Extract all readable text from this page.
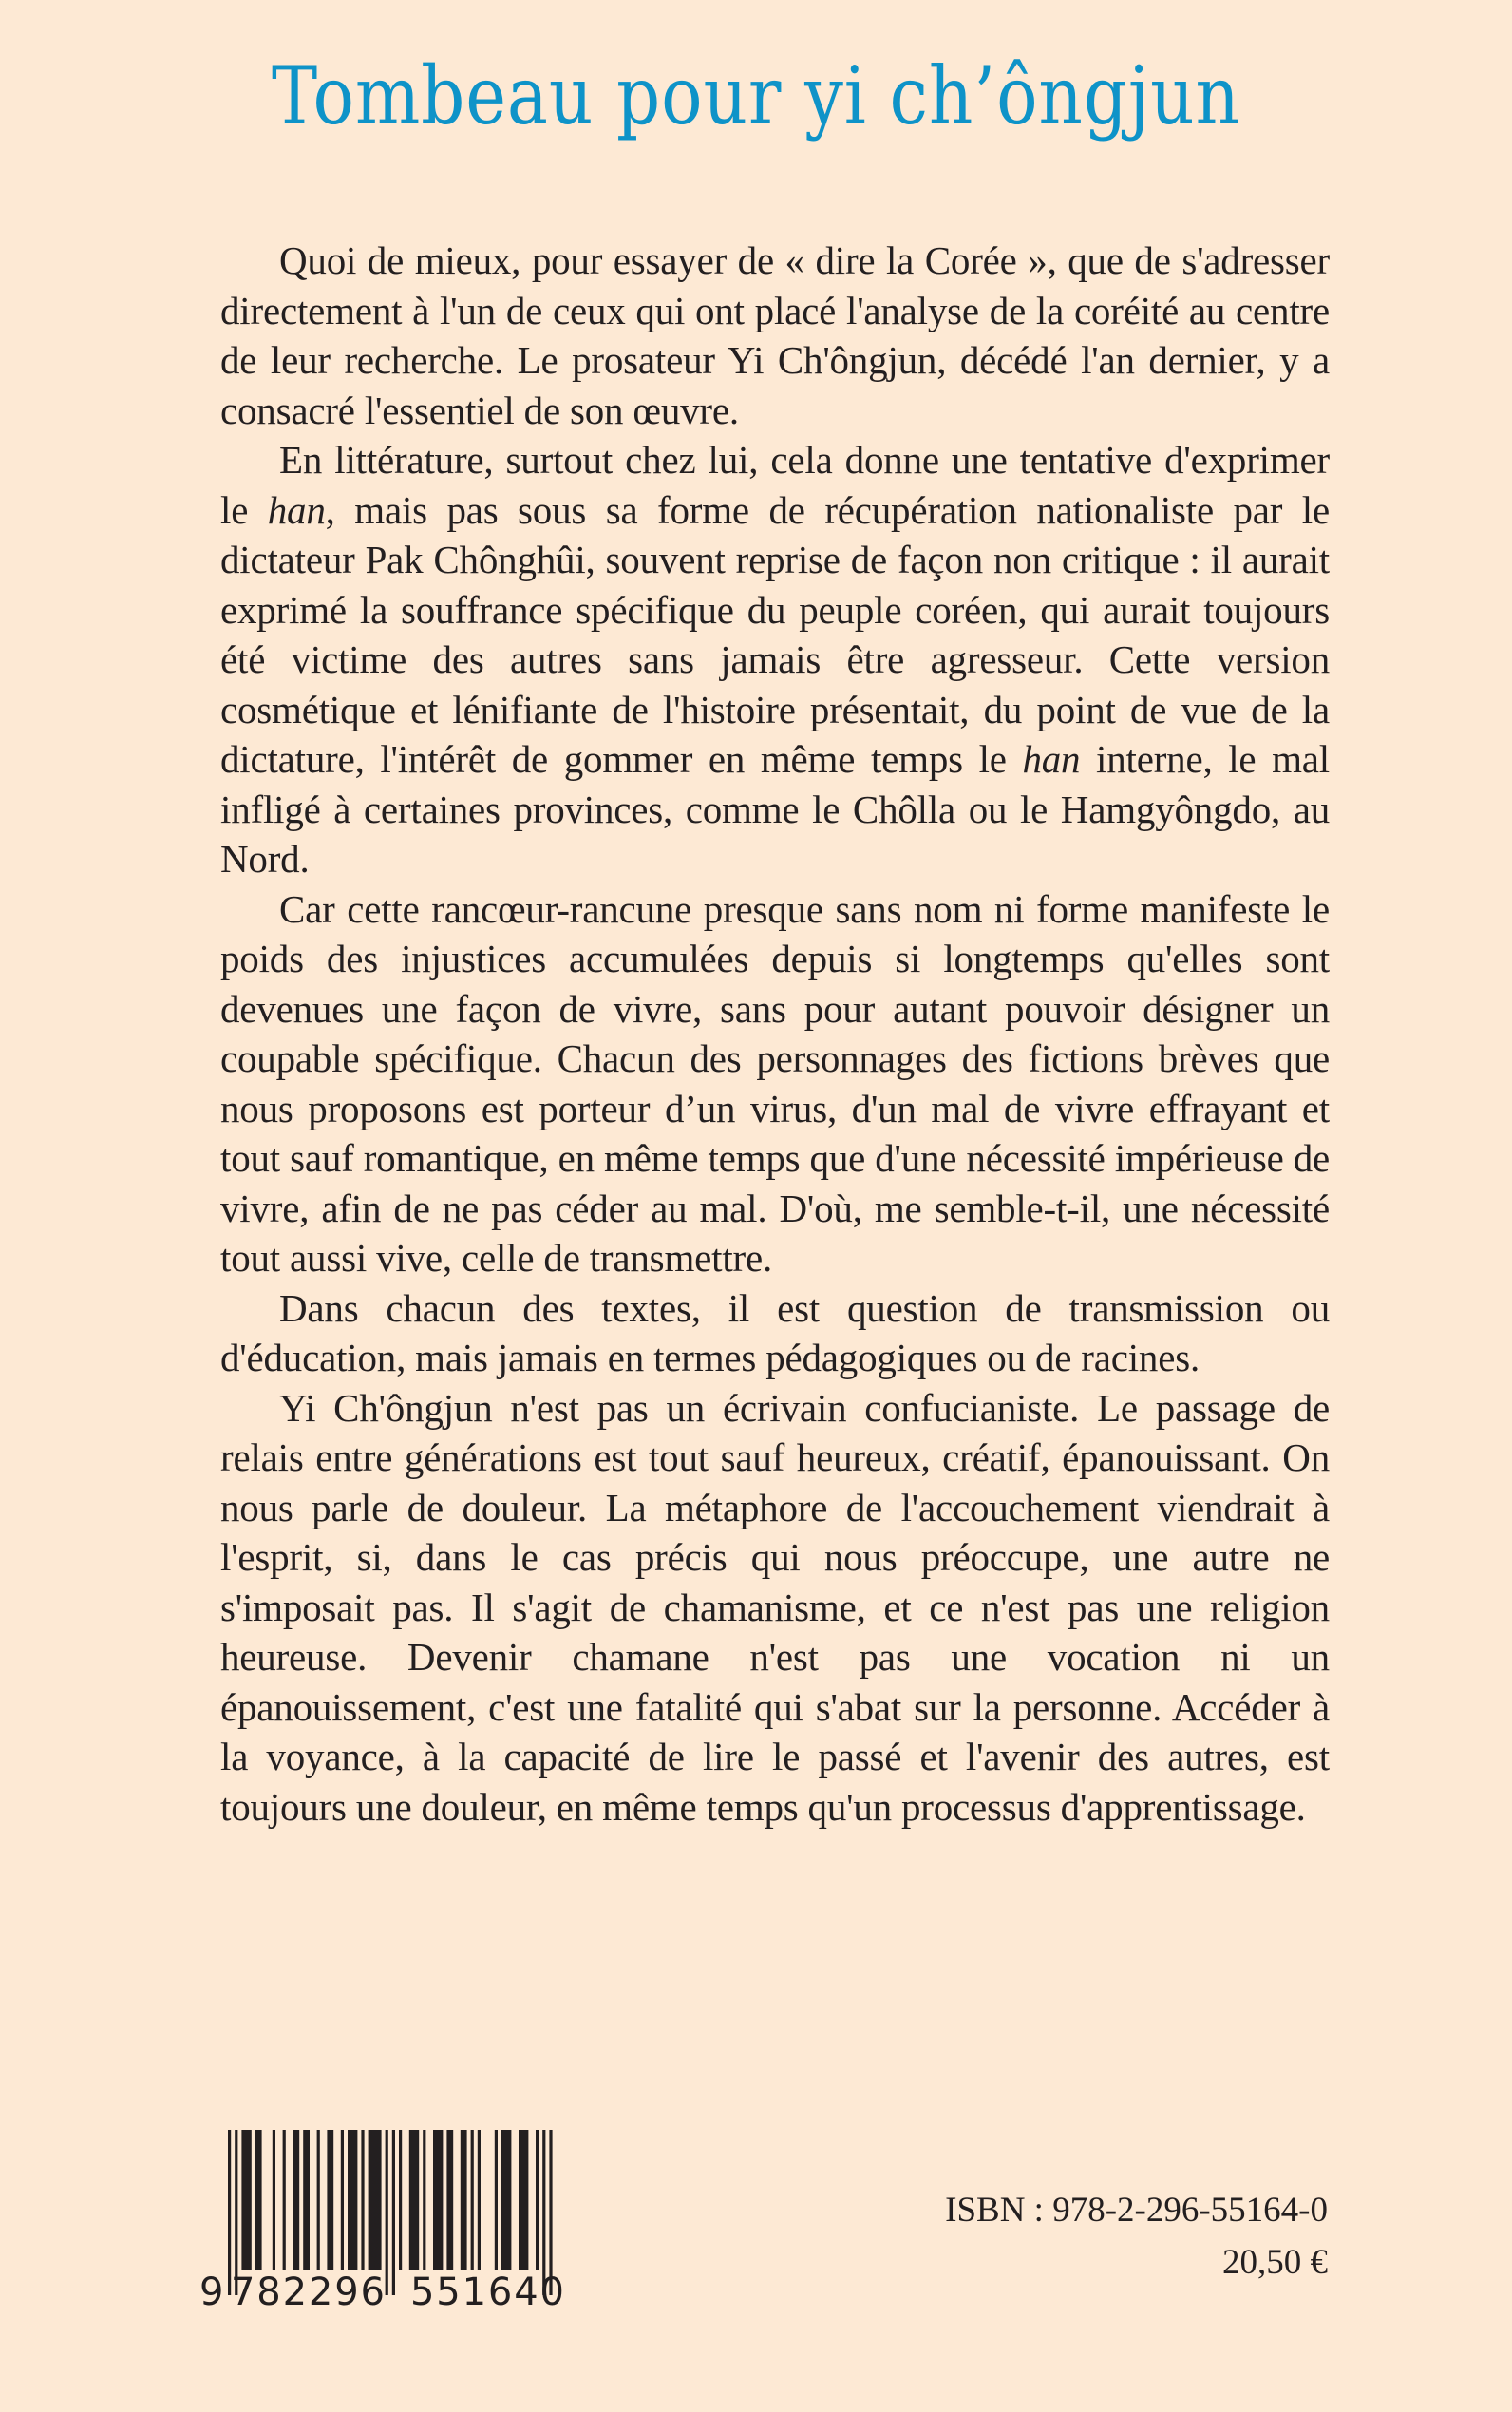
Tombeau pour yi ch’ôngjun

Quoi de mieux, pour essayer de « dire la Corée », que de s'adresser directement à l'un de ceux qui ont placé l'analyse de la coréité au centre de leur recherche. Le prosateur Yi Ch'ôngjun, décédé l'an dernier, y a consacré l'essentiel de son œuvre.

En littérature, surtout chez lui, cela donne une tentative d'exprimer le han, mais pas sous sa forme de récupération nationaliste par le dictateur Pak Chônghûi, souvent reprise de façon non critique : il aurait exprimé la souffrance spécifique du peuple coréen, qui aurait toujours été victime des autres sans jamais être agresseur. Cette version cosmétique et lénifiante de l'histoire présentait, du point de vue de la dictature, l'intérêt de gommer en même temps le han interne, le mal infligé à certaines provinces, comme le Chôlla ou le Hamgyôngdo, au Nord.

Car cette rancœur-rancune presque sans nom ni forme manifeste le poids des injustices accumulées depuis si longtemps qu'elles sont devenues une façon de vivre, sans pour autant pouvoir désigner un coupable spécifique. Chacun des personnages des fictions brèves que nous proposons est porteur d’un virus, d'un mal de vivre effrayant et tout sauf romantique, en même temps que d'une nécessité impérieuse de vivre, afin de ne pas céder au mal. D'où, me semble-t-il, une nécessité tout aussi vive, celle de transmettre.

Dans chacun des textes, il est question de transmission ou d'éducation, mais jamais en termes pédagogiques ou de racines.

Yi Ch'ôngjun n'est pas un écrivain confucianiste. Le passage de relais entre générations est tout sauf heureux, créatif, épanouissant. On nous parle de douleur. La métaphore de l'accouchement viendrait à l'esprit, si, dans le cas précis qui nous préoccupe, une autre ne s'imposait pas. Il s'agit de chamanisme, et ce n'est pas une religion heureuse. Devenir chamane n'est pas une vocation ni un épanouissement, c'est une fatalité qui s'abat sur la personne. Accéder à la voyance, à la capacité de lire le passé et l'avenir des autres, est toujours une douleur, en même temps qu'un processus d'apprentissage.

9 782296 551640
ISBN : 978-2-296-55164-0
20,50 €
